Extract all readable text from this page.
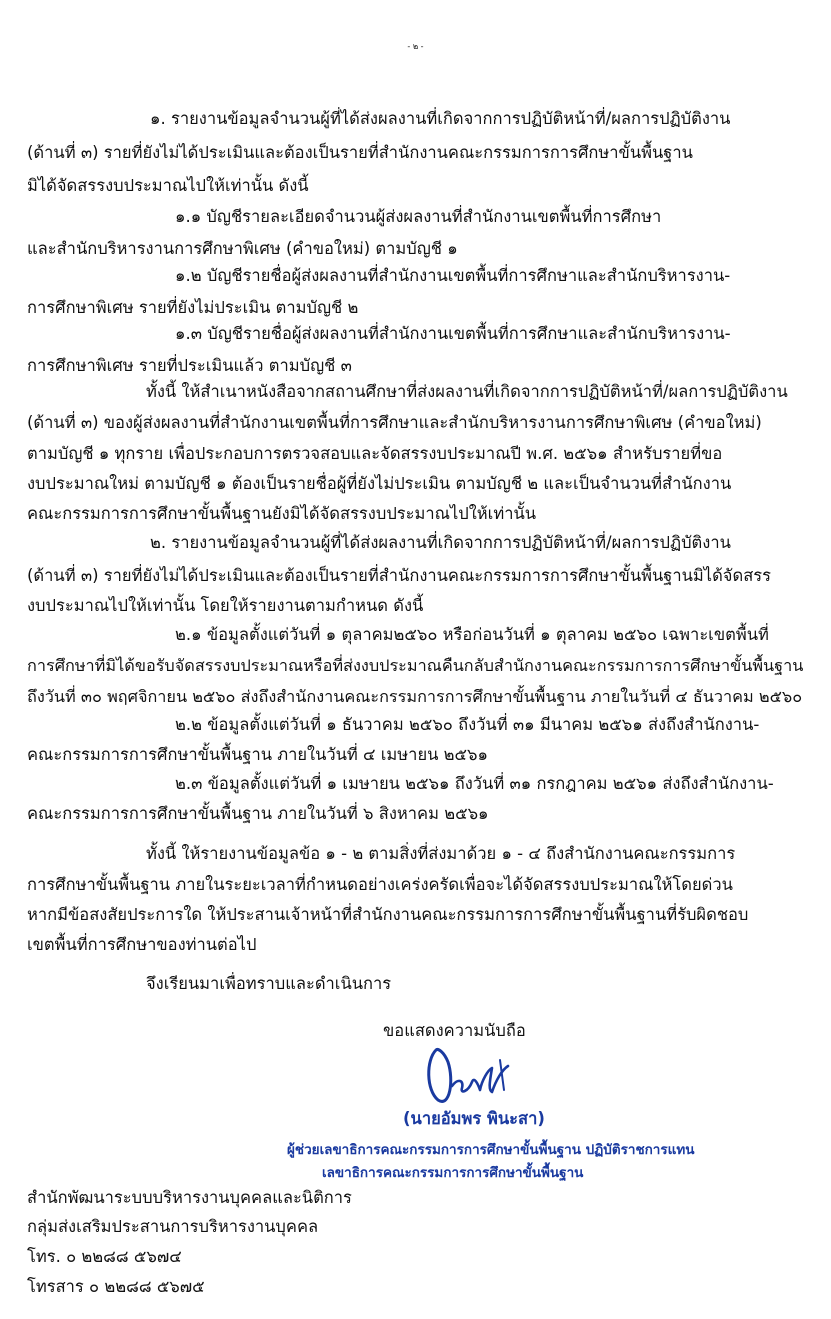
- ๒ -
๑. รายงานข้อมูลจำนวนผู้ที่ได้ส่งผลงานที่เกิดจากการปฏิบัติหน้าที่/ผลการปฏิบัติงาน
(ด้านที่ ๓) รายที่ยังไม่ได้ประเมินและต้องเป็นรายที่สำนักงานคณะกรรมการการศึกษาขั้นพื้นฐาน
มิได้จัดสรรงบประมาณไปให้เท่านั้น ดังนี้
๑.๑ บัญชีรายละเอียดจำนวนผู้ส่งผลงานที่สำนักงานเขตพื้นที่การศึกษา
และสำนักบริหารงานการศึกษาพิเศษ (คำขอใหม่) ตามบัญชี ๑
๑.๒ บัญชีรายชื่อผู้ส่งผลงานที่สำนักงานเขตพื้นที่การศึกษาและสำนักบริหารงาน-
การศึกษาพิเศษ รายที่ยังไม่ประเมิน ตามบัญชี ๒
๑.๓ บัญชีรายชื่อผู้ส่งผลงานที่สำนักงานเขตพื้นที่การศึกษาและสำนักบริหารงาน-
การศึกษาพิเศษ รายที่ประเมินแล้ว ตามบัญชี ๓
ทั้งนี้ ให้สำเนาหนังสือจากสถานศึกษาที่ส่งผลงานที่เกิดจากการปฏิบัติหน้าที่/ผลการปฏิบัติงาน
(ด้านที่ ๓) ของผู้ส่งผลงานที่สำนักงานเขตพื้นที่การศึกษาและสำนักบริหารงานการศึกษาพิเศษ (คำขอใหม่)
ตามบัญชี ๑ ทุกราย เพื่อประกอบการตรวจสอบและจัดสรรงบประมาณปี พ.ศ. ๒๕๖๑ สำหรับรายที่ขอ
งบประมาณใหม่ ตามบัญชี ๑ ต้องเป็นรายชื่อผู้ที่ยังไม่ประเมิน ตามบัญชี ๒ และเป็นจำนวนที่สำนักงาน
คณะกรรมการการศึกษาขั้นพื้นฐานยังมิได้จัดสรรงบประมาณไปให้เท่านั้น
๒. รายงานข้อมูลจำนวนผู้ที่ได้ส่งผลงานที่เกิดจากการปฏิบัติหน้าที่/ผลการปฏิบัติงาน
(ด้านที่ ๓) รายที่ยังไม่ได้ประเมินและต้องเป็นรายที่สำนักงานคณะกรรมการการศึกษาขั้นพื้นฐานมิได้จัดสรร
งบประมาณไปให้เท่านั้น โดยให้รายงานตามกำหนด ดังนี้
๒.๑ ข้อมูลตั้งแต่วันที่ ๑ ตุลาคม๒๕๖๐ หรือก่อนวันที่ ๑ ตุลาคม ๒๕๖๐ เฉพาะเขตพื้นที่
การศึกษาที่มิได้ขอรับจัดสรรงบประมาณหรือที่ส่งงบประมาณคืนกลับสำนักงานคณะกรรมการการศึกษาขั้นพื้นฐาน
ถึงวันที่ ๓๐ พฤศจิกายน ๒๕๖๐ ส่งถึงสำนักงานคณะกรรมการการศึกษาขั้นพื้นฐาน ภายในวันที่ ๔ ธันวาคม ๒๕๖๐
๒.๒ ข้อมูลตั้งแต่วันที่ ๑ ธันวาคม ๒๕๖๐ ถึงวันที่ ๓๑ มีนาคม ๒๕๖๑ ส่งถึงสำนักงาน-
คณะกรรมการการศึกษาขั้นพื้นฐาน ภายในวันที่ ๔ เมษายน ๒๕๖๑
๒.๓ ข้อมูลตั้งแต่วันที่ ๑ เมษายน ๒๕๖๑ ถึงวันที่ ๓๑ กรกฎาคม ๒๕๖๑ ส่งถึงสำนักงาน-
คณะกรรมการการศึกษาขั้นพื้นฐาน ภายในวันที่ ๖ สิงหาคม ๒๕๖๑
ทั้งนี้ ให้รายงานข้อมูลข้อ ๑ - ๒ ตามสิ่งที่ส่งมาด้วย ๑ - ๔ ถึงสำนักงานคณะกรรมการ
การศึกษาขั้นพื้นฐาน ภายในระยะเวลาที่กำหนดอย่างเคร่งครัดเพื่อจะได้จัดสรรงบประมาณให้โดยด่วน
หากมีข้อสงสัยประการใด ให้ประสานเจ้าหน้าที่สำนักงานคณะกรรมการการศึกษาขั้นพื้นฐานที่รับผิดชอบ
เขตพื้นที่การศึกษาของท่านต่อไป
จึงเรียนมาเพื่อทราบและดำเนินการ
ขอแสดงความนับถือ
(นายอัมพร พินะสา)
ผู้ช่วยเลขาธิการคณะกรรมการการศึกษาขั้นพื้นฐาน ปฏิบัติราชการแทน
เลขาธิการคณะกรรมการการศึกษาขั้นพื้นฐาน
สำนักพัฒนาระบบบริหารงานบุคคลและนิติการ
กลุ่มส่งเสริมประสานการบริหารงานบุคคล
โทร. ๐ ๒๒๘๘ ๕๖๗๔
โทรสาร ๐ ๒๒๘๘ ๕๖๗๕
